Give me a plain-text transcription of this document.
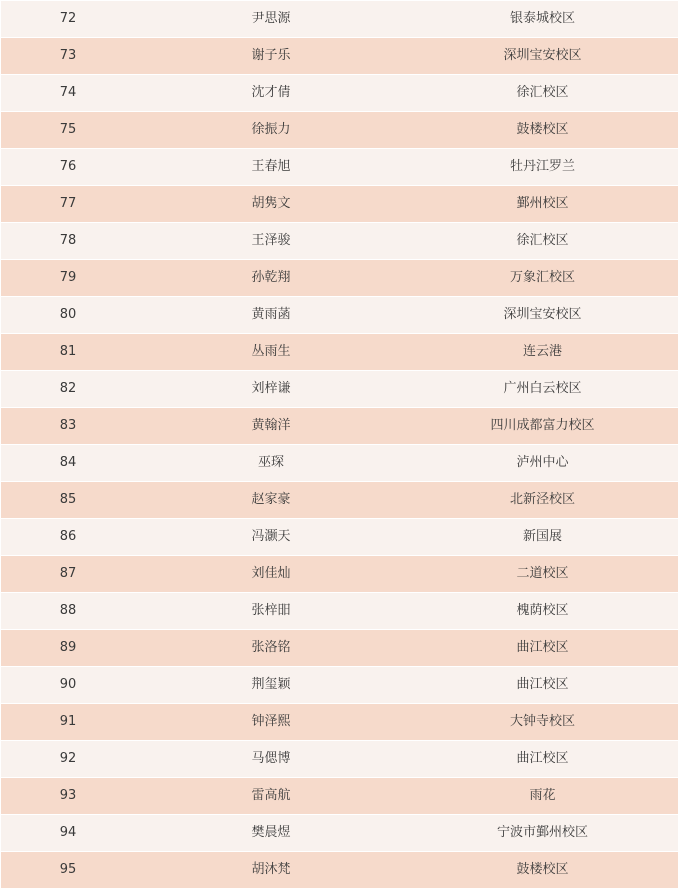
72	尹思源	银泰城校区
73	谢子乐	深圳宝安校区
74	沈才倩	徐汇校区
75	徐振力	鼓楼校区
76	王春旭	牡丹江罗兰
77	胡隽文	鄞州校区
78	王泽骏	徐汇校区
79	孙乾翔	万象汇校区
80	黄雨菡	深圳宝安校区
81	丛雨生	连云港
82	刘梓谦	广州白云校区
83	黄翰洋	四川成都富力校区
84	巫琛	泸州中心
85	赵家豪	北新泾校区
86	冯灏天	新国展
87	刘佳灿	二道校区
88	张梓昍	槐荫校区
89	张洛铭	曲江校区
90	荆玺颖	曲江校区
91	钟泽熙	大钟寺校区
92	马偲博	曲江校区
93	雷高航	雨花
94	樊晨煜	宁波市鄞州校区
95	胡沐梵	鼓楼校区
